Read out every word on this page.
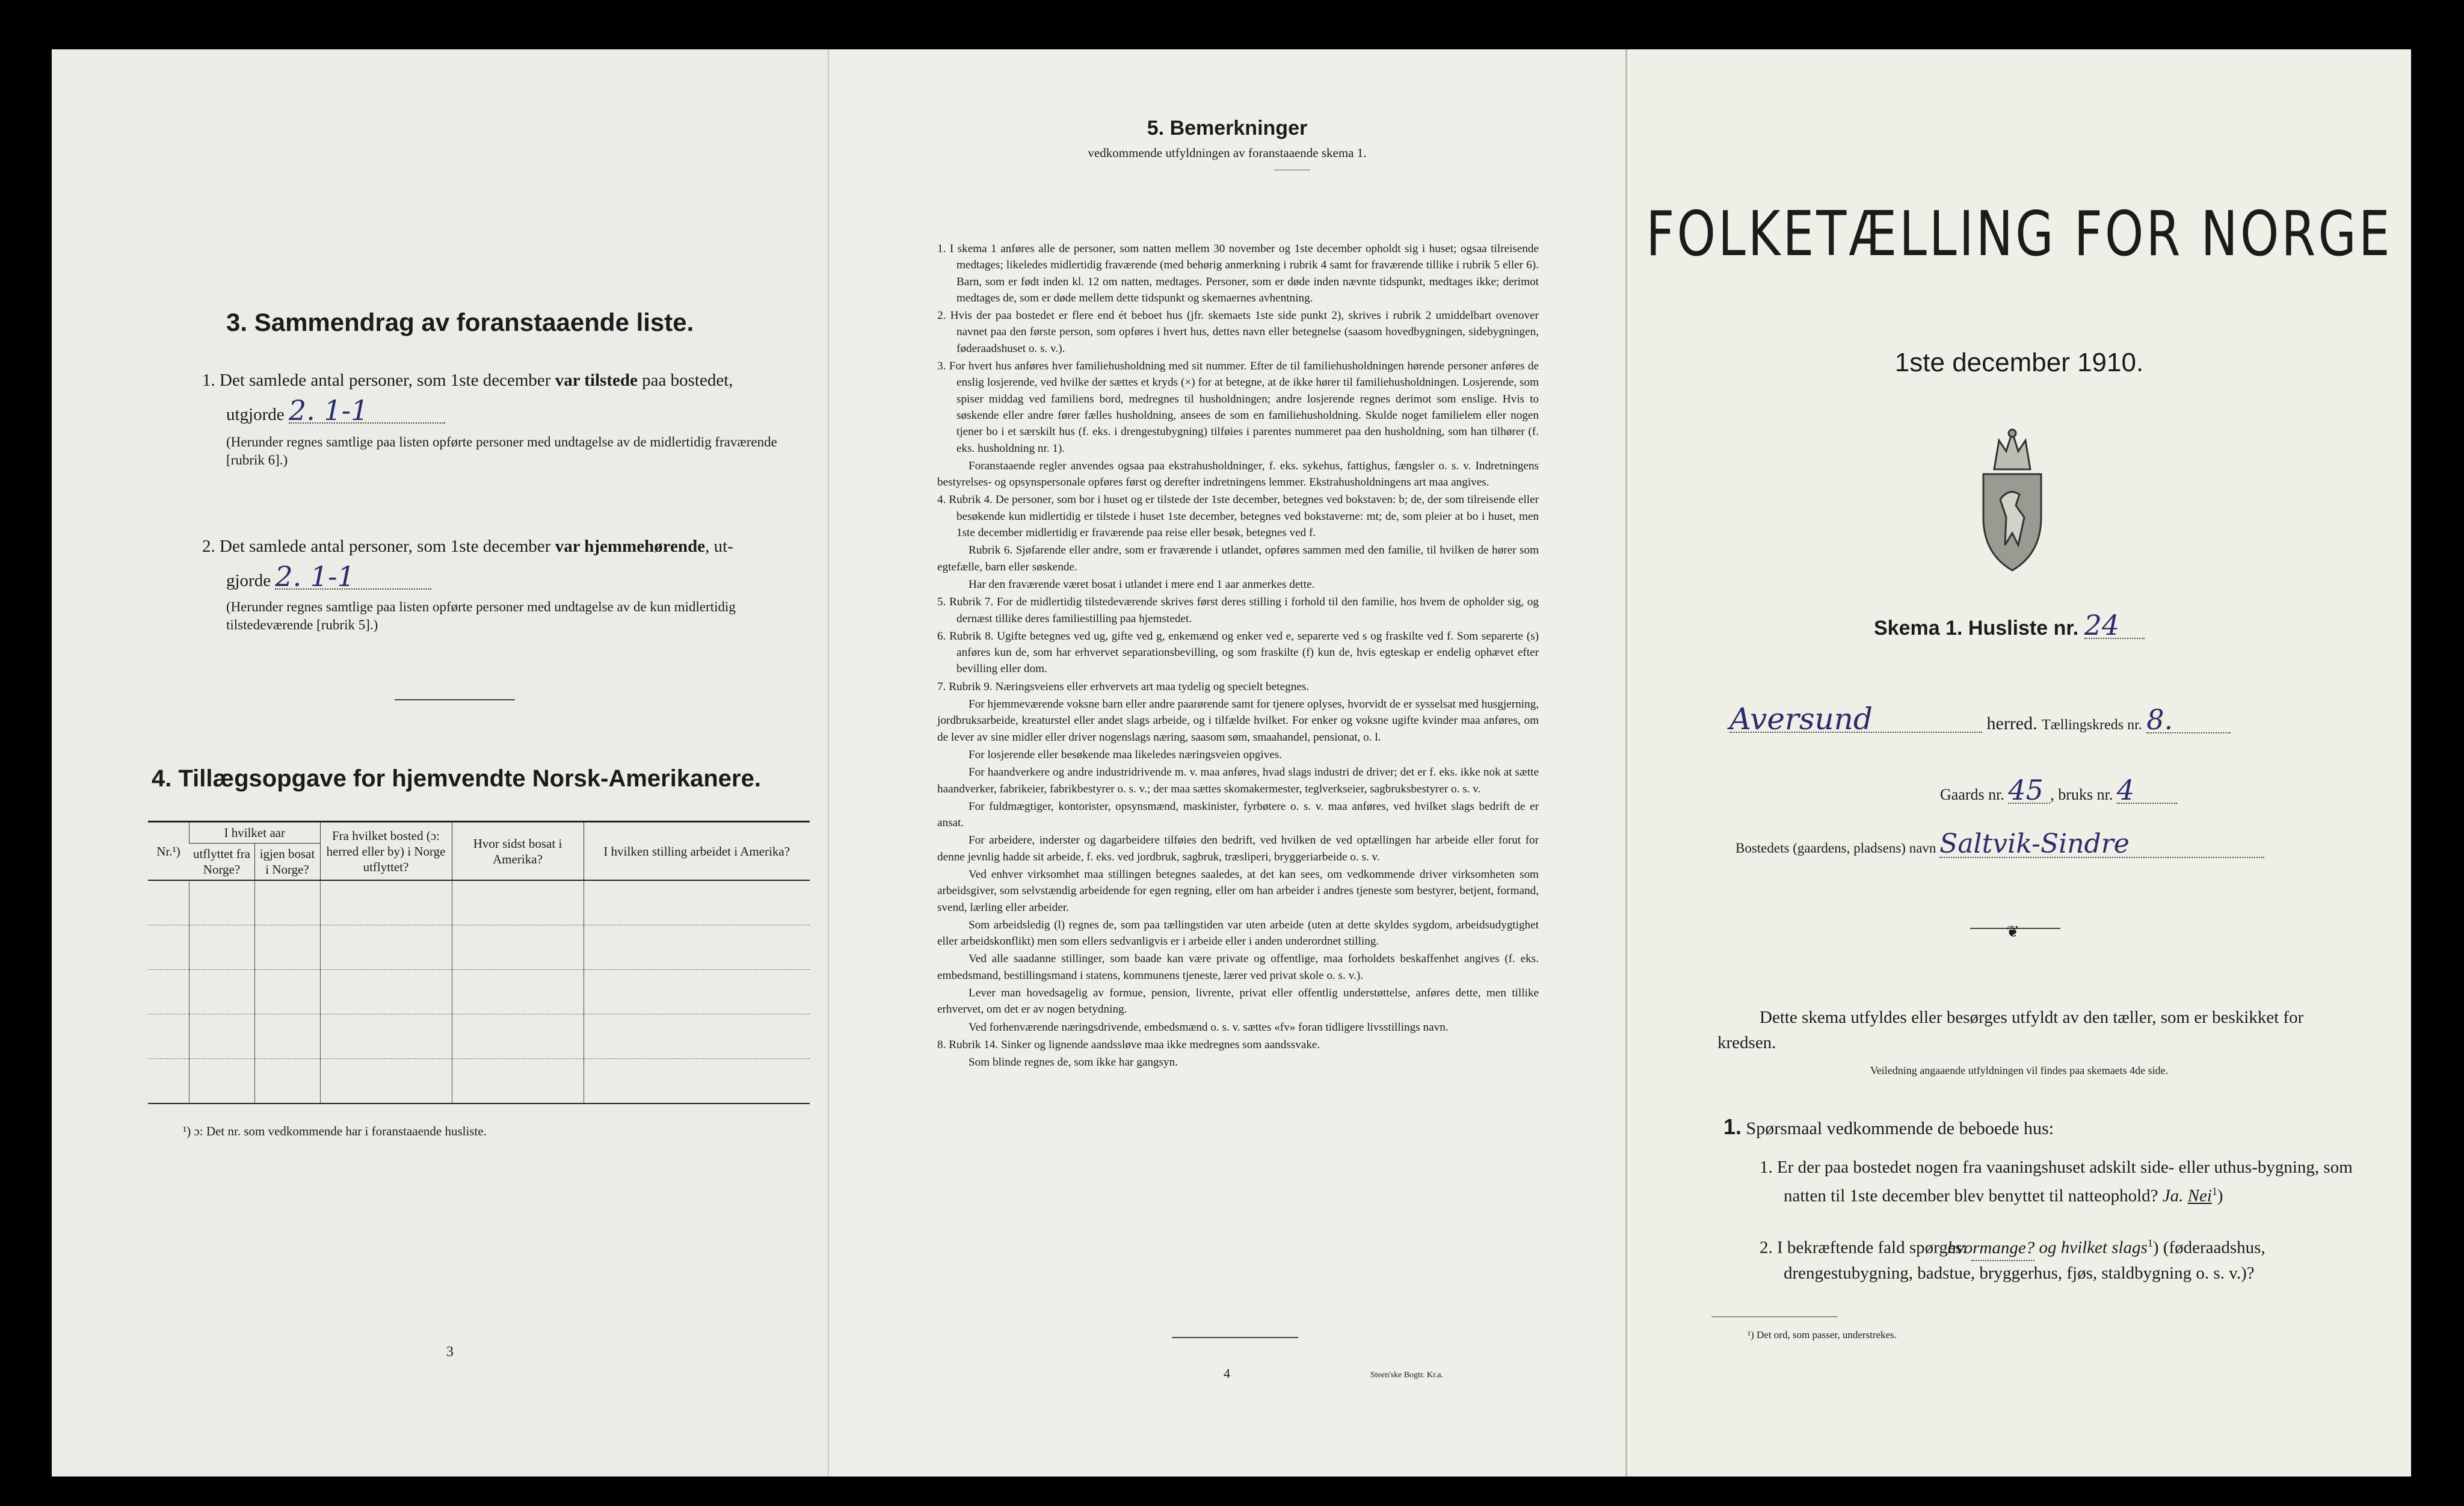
3. Sammendrag av foranstaaende liste.
1. Det samlede antal personer, som 1ste december var tilstede paa bostedet,
utgjorde 2. 1-1
(Herunder regnes samtlige paa listen opførte personer med undtagelse av de midlertidig fraværende [rubrik 6].)
2. Det samlede antal personer, som 1ste december var hjemmehørende, ut-
gjorde 2. 1-1
(Herunder regnes samtlige paa listen opførte personer med undtagelse av de kun midlertidig tilstedeværende [rubrik 5].)
4. Tillægsopgave for hjemvendte Norsk-Amerikanere.
Nr.¹)	I hvilket aar		Fra hvilket bosted (ɔ: herred eller by) i Norge utflyttet?	Hvor sidst bosat i Amerika?	I hvilken stilling arbeidet i Amerika?
	utflyttet fra Norge?	igjen bosat i Norge?			

¹) ɔ: Det nr. som vedkommende har i foranstaaende husliste.
3
5. Bemerkninger
vedkommende utfyldningen av foranstaaende skema 1.

1. I skema 1 anføres alle de personer, som natten mellem 30 november og 1ste december opholdt sig i huset; ogsaa tilreisende medtages; likeledes midlertidig fraværende (med behørig anmerkning i rubrik 4 samt for fraværende tillike i rubrik 5 eller 6). Barn, som er født inden kl. 12 om natten, medtages. Personer, som er døde inden nævnte tidspunkt, medtages ikke; derimot medtages de, som er døde mellem dette tidspunkt og skemaernes avhentning.

2. Hvis der paa bostedet er flere end ét beboet hus (jfr. skemaets 1ste side punkt 2), skrives i rubrik 2 umiddelbart ovenover navnet paa den første person, som opføres i hvert hus, dettes navn eller betegnelse (saasom hovedbygningen, sidebygningen, føderaadshuset o. s. v.).

3. For hvert hus anføres hver familiehusholdning med sit nummer. Efter de til familiehusholdningen hørende personer anføres de enslig losjerende, ved hvilke der sættes et kryds (×) for at betegne, at de ikke hører til familiehusholdningen. Losjerende, som spiser middag ved familiens bord, medregnes til husholdningen; andre losjerende regnes derimot som enslige. Hvis to søskende eller andre fører fælles husholdning, ansees de som en familiehusholdning. Skulde noget familielem eller nogen tjener bo i et særskilt hus (f. eks. i drengestubygning) tilføies i parentes nummeret paa den husholdning, som han tilhører (f. eks. husholdning nr. 1).

Foranstaaende regler anvendes ogsaa paa ekstrahusholdninger, f. eks. sykehus, fattighus, fængsler o. s. v. Indretningens bestyrelses- og opsynspersonale opføres først og derefter indretningens lemmer. Ekstrahusholdningens art maa angives.

4. Rubrik 4. De personer, som bor i huset og er tilstede der 1ste december, betegnes ved bokstaven: b; de, der som tilreisende eller besøkende kun midlertidig er tilstede i huset 1ste december, betegnes ved bokstaverne: mt; de, som pleier at bo i huset, men 1ste december midlertidig er fraværende paa reise eller besøk, betegnes ved f.

Rubrik 6. Sjøfarende eller andre, som er fraværende i utlandet, opføres sammen med den familie, til hvilken de hører som egtefælle, barn eller søskende.

Har den fraværende været bosat i utlandet i mere end 1 aar anmerkes dette.

5. Rubrik 7. For de midlertidig tilstedeværende skrives først deres stilling i forhold til den familie, hos hvem de opholder sig, og dernæst tillike deres familiestilling paa hjemstedet.

6. Rubrik 8. Ugifte betegnes ved ug, gifte ved g, enkemænd og enker ved e, separerte ved s og fraskilte ved f. Som separerte (s) anføres kun de, som har erhvervet separationsbevilling, og som fraskilte (f) kun de, hvis egteskap er endelig ophævet efter bevilling eller dom.

7. Rubrik 9. Næringsveiens eller erhvervets art maa tydelig og specielt betegnes.

For hjemmeværende voksne barn eller andre paarørende samt for tjenere oplyses, hvorvidt de er sysselsat med husgjerning, jordbruksarbeide, kreaturstel eller andet slags arbeide, og i tilfælde hvilket. For enker og voksne ugifte kvinder maa anføres, om de lever av sine midler eller driver nogenslags næring, saasom søm, smaahandel, pensionat, o. l.

For losjerende eller besøkende maa likeledes næringsveien opgives.

For haandverkere og andre industridrivende m. v. maa anføres, hvad slags industri de driver; det er f. eks. ikke nok at sætte haandverker, fabrikeier, fabrikbestyrer o. s. v.; der maa sættes skomakermester, teglverkseier, sagbruksbestyrer o. s. v.

For fuldmægtiger, kontorister, opsynsmænd, maskinister, fyrbøtere o. s. v. maa anføres, ved hvilket slags bedrift de er ansat.

For arbeidere, inderster og dagarbeidere tilføies den bedrift, ved hvilken de ved optællingen har arbeide eller forut for denne jevnlig hadde sit arbeide, f. eks. ved jordbruk, sagbruk, træsliperi, bryggeriarbeide o. s. v.

Ved enhver virksomhet maa stillingen betegnes saaledes, at det kan sees, om vedkommende driver virksomheten som arbeidsgiver, som selvstændig arbeidende for egen regning, eller om han arbeider i andres tjeneste som bestyrer, betjent, formand, svend, lærling eller arbeider.

Som arbeidsledig (l) regnes de, som paa tællingstiden var uten arbeide (uten at dette skyldes sygdom, arbeidsudygtighet eller arbeidskonflikt) men som ellers sedvanligvis er i arbeide eller i anden underordnet stilling.

Ved alle saadanne stillinger, som baade kan være private og offentlige, maa forholdets beskaffenhet angives (f. eks. embedsmand, bestillingsmand i statens, kommunens tjeneste, lærer ved privat skole o. s. v.).

Lever man hovedsagelig av formue, pension, livrente, privat eller offentlig understøttelse, anføres dette, men tillike erhvervet, om det er av nogen betydning.

Ved forhenværende næringsdrivende, embedsmænd o. s. v. sættes «fv» foran tidligere livsstillings navn.

8. Rubrik 14. Sinker og lignende aandssløve maa ikke medregnes som aandssvake.

Som blinde regnes de, som ikke har gangsyn.

4	Steen'ske Bogtr. Kr.a.
FOLKETÆLLING FOR NORGE
1ste december 1910.
Skema 1. Husliste nr. 24
Aversund	herred. Tællingskreds nr. 8.
Gaards nr. 45 , bruks nr. 4
Bostedets (gaardens, pladsens) navn Saltvik-Sindre
❦
Dette skema utfyldes eller besørges utfyldt av den tæller, som er beskikket for kredsen.
Veiledning angaaende utfyldningen vil findes paa skemaets 4de side.
1. Spørsmaal vedkommende de beboede hus:
1. Er der paa bostedet nogen fra vaaningshuset adskilt side- eller uthus-bygning, som natten til 1ste december blev benyttet til natteophold? Ja. Nei$^1$)
2. I bekræftende fald spørges: hvormange? og hvilket slags$^1$) (føderaadshus, drengestubygning, badstue, bryggerhus, fjøs, staldbygning o. s. v.)?
¹) Det ord, som passer, understrekes.
